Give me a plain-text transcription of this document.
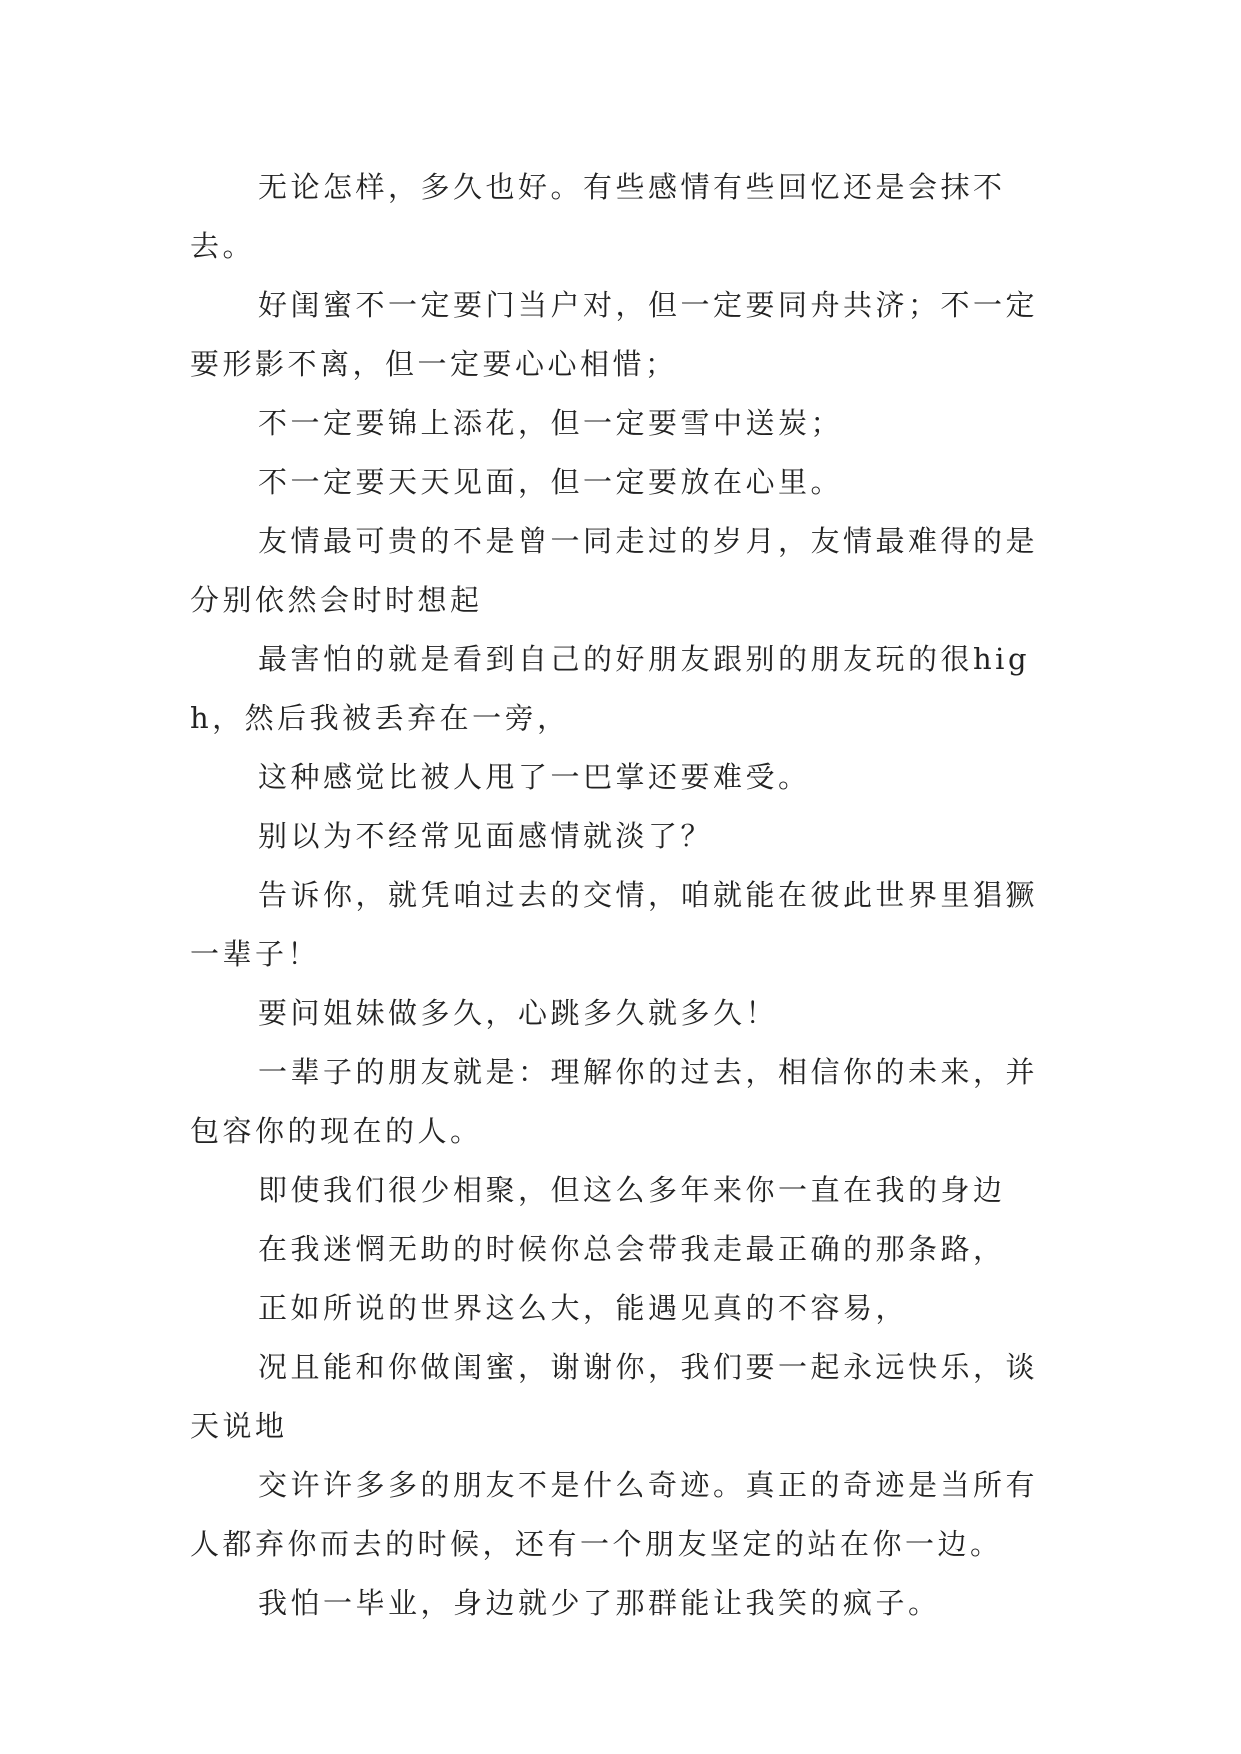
无论怎样，多久也好。有些感情有些回忆还是会抹不去。

好闺蜜不一定要门当户对，但一定要同舟共济；不一定要形影不离，但一定要心心相惜；

不一定要锦上添花，但一定要雪中送炭；

不一定要天天见面，但一定要放在心里。

友情最可贵的不是曾一同走过的岁月，友情最难得的是分别依然会时时想起

最害怕的就是看到自己的好朋友跟别的朋友玩的很high，然后我被丢弃在一旁，

这种感觉比被人甩了一巴掌还要难受。

别以为不经常见面感情就淡了？

告诉你，就凭咱过去的交情，咱就能在彼此世界里猖獗一辈子！

要问姐妹做多久，心跳多久就多久！

一辈子的朋友就是：理解你的过去，相信你的未来，并包容你的现在的人。

即使我们很少相聚，但这么多年来你一直在我的身边

在我迷惘无助的时候你总会带我走最正确的那条路，

正如所说的世界这么大，能遇见真的不容易，

况且能和你做闺蜜，谢谢你，我们要一起永远快乐，谈天说地

交许许多多的朋友不是什么奇迹。真正的奇迹是当所有人都弃你而去的时候，还有一个朋友坚定的站在你一边。

我怕一毕业，身边就少了那群能让我笑的疯子。
